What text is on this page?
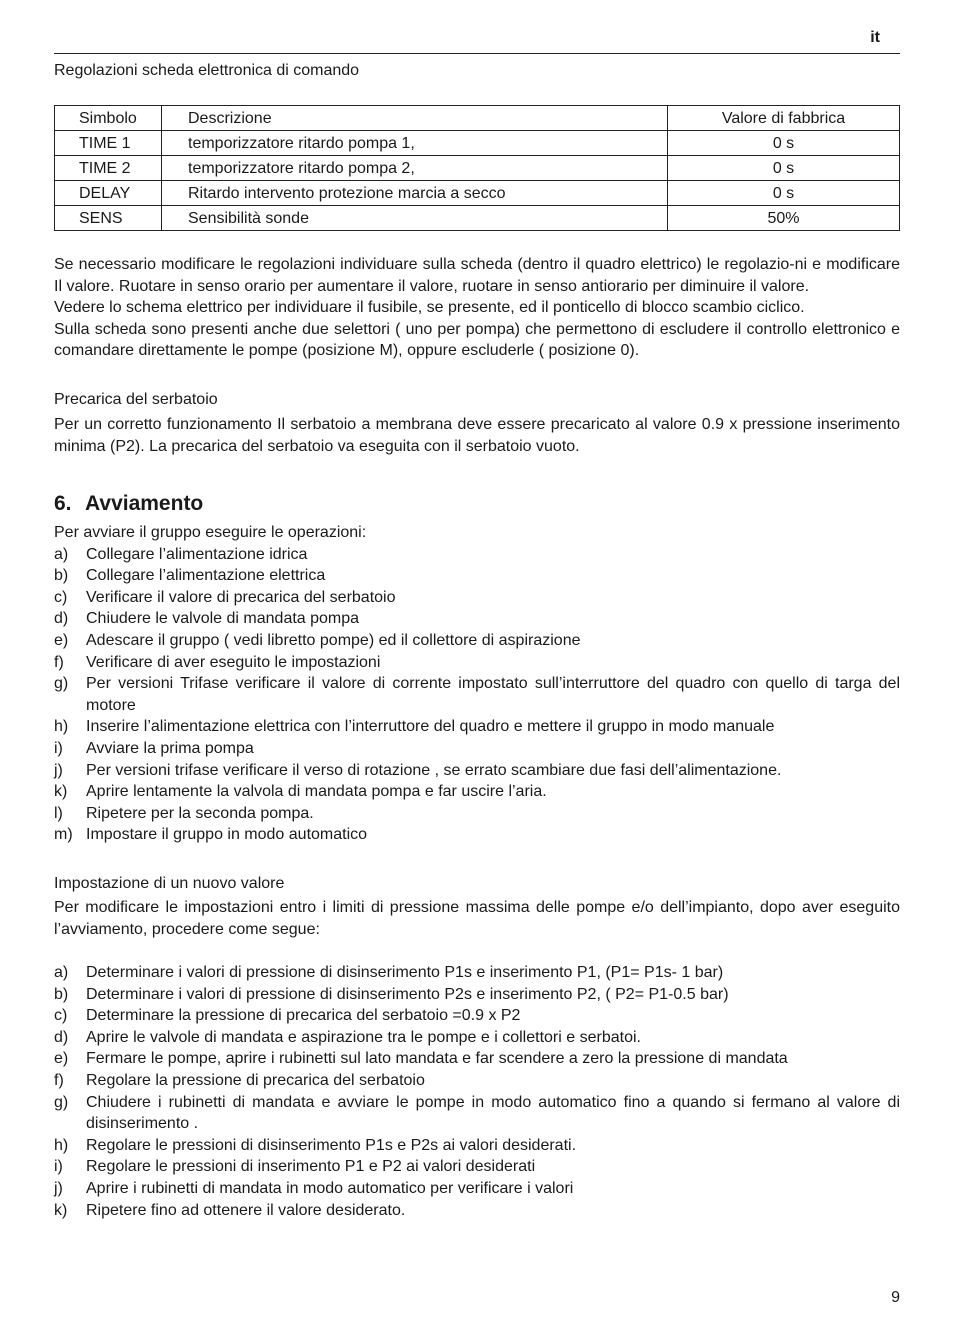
it
Regolazioni scheda elettronica di comando
Simbolo	Descrizione	Valore di fabbrica
TIME 1	temporizzatore ritardo pompa 1,	0 s
TIME 2	temporizzatore ritardo pompa 2,	0 s
DELAY	Ritardo intervento protezione marcia a secco	0 s
SENS	Sensibilità sonde	50%

Se necessario modificare le regolazioni individuare sulla scheda (dentro il quadro elettrico) le regolazio-ni e modificare Il valore. Ruotare in senso orario per aumentare il valore, ruotare in senso antiorario per diminuire il valore.

Vedere lo schema elettrico per individuare il fusibile, se presente, ed il ponticello di blocco scambio ciclico.

Sulla scheda sono presenti anche due selettori ( uno per pompa) che permettono di escludere il controllo elettronico e comandare direttamente le pompe (posizione M), oppure escluderle ( posizione 0).

Precarica del serbatoio
Per un corretto funzionamento Il serbatoio a membrana deve essere precaricato al valore 0.9 x pressione inserimento minima (P2). La precarica del serbatoio va eseguita con il serbatoio vuoto.
6. Avviamento

Per avviare il gruppo eseguire le operazioni:

a) Collegare l’alimentazione idrica
b) Collegare l’alimentazione elettrica
c) Verificare il valore di precarica del serbatoio
d) Chiudere le valvole di mandata pompa
e) Adescare il gruppo ( vedi libretto pompe) ed il collettore di aspirazione
f) Verificare di aver eseguito le impostazioni
g) Per versioni Trifase verificare il valore di corrente impostato sull’interruttore del quadro con quello di targa del motore
h) Inserire l’alimentazione elettrica con l’interruttore del quadro e mettere il gruppo in modo manuale
i) Avviare la prima pompa
j) Per versioni trifase verificare il verso di rotazione , se errato scambiare due fasi dell’alimentazione.
k) Aprire lentamente la valvola di mandata pompa e far uscire l’aria.
l) Ripetere per la seconda pompa.
m) Impostare il gruppo in modo automatico
Impostazione di un nuovo valore
Per modificare le impostazioni entro i limiti di pressione massima delle pompe e/o dell’impianto, dopo aver eseguito l’avviamento, procedere come segue:
a) Determinare i valori di pressione di disinserimento P1s e inserimento P1, (P1= P1s- 1 bar)
b) Determinare i valori di pressione di disinserimento P2s e inserimento P2, ( P2= P1-0.5 bar)
c) Determinare la pressione di precarica del serbatoio =0.9 x P2
d) Aprire le valvole di mandata e aspirazione tra le pompe e i collettori e serbatoi.
e) Fermare le pompe, aprire i rubinetti sul lato mandata e far scendere a zero la pressione di mandata
f) Regolare la pressione di precarica del serbatoio
g) Chiudere i rubinetti di mandata e avviare le pompe in modo automatico fino a quando si fermano al valore di disinserimento .
h) Regolare le pressioni di disinserimento P1s e P2s ai valori desiderati.
i) Regolare le pressioni di inserimento P1 e P2 ai valori desiderati
j) Aprire i rubinetti di mandata in modo automatico per verificare i valori
k) Ripetere fino ad ottenere il valore desiderato.
9
